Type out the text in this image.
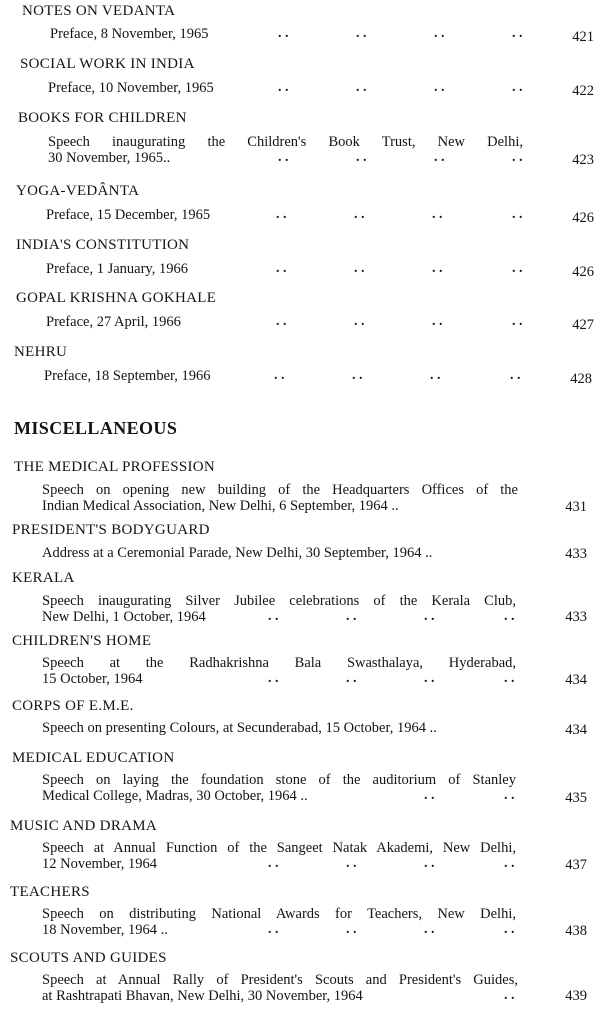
NOTES ON VEDANTA
Preface, 8 November, 1965	. .	. .	. .	. .	421
SOCIAL WORK IN INDIA
Preface, 10 November, 1965	. .	. .	. .	. .	422
BOOKS FOR CHILDREN
Speech inaugurating the Children's Book Trust, New Delhi,
30 November, 1965..	. .	. .	. .	. .	423
YOGA-VEDÂNTA
Preface, 15 December, 1965	. .	. .	. .	. .	426
INDIA'S CONSTITUTION
Preface, 1 January, 1966	. .	. .	. .	. .	426
GOPAL KRISHNA GOKHALE
Preface, 27 April, 1966	. .	. .	. .	. .	427
NEHRU
Preface, 18 September, 1966	. .	. .	. .	. .	428
MISCELLANEOUS
THE MEDICAL PROFESSION
Speech on opening new building of the Headquarters Offices of the
Indian Medical Association, New Delhi, 6 September, 1964 ..	431
PRESIDENT'S BODYGUARD
Address at a Ceremonial Parade, New Delhi, 30 September, 1964 ..	433
KERALA
Speech inaugurating Silver Jubilee celebrations of the Kerala Club,
New Delhi, 1 October, 1964	. .	. .	. .	. .	433
CHILDREN'S HOME
Speech at the Radhakrishna Bala Swasthalaya, Hyderabad,
15 October, 1964	. .	. .	. .	. .	434
CORPS OF E.M.E.
Speech on presenting Colours, at Secunderabad, 15 October, 1964 ..	434
MEDICAL EDUCATION
Speech on laying the foundation stone of the auditorium of Stanley
Medical College, Madras, 30 October, 1964 ..	. .	. .	435
MUSIC AND DRAMA
Speech at Annual Function of the Sangeet Natak Akademi, New Delhi,
12 November, 1964	. .	. .	. .	. .	437
TEACHERS
Speech on distributing National Awards for Teachers, New Delhi,
18 November, 1964 ..	. .	. .	. .	. .	438
SCOUTS AND GUIDES
Speech at Annual Rally of President's Scouts and President's Guides,
at Rashtrapati Bhavan, New Delhi, 30 November, 1964	. .	439
